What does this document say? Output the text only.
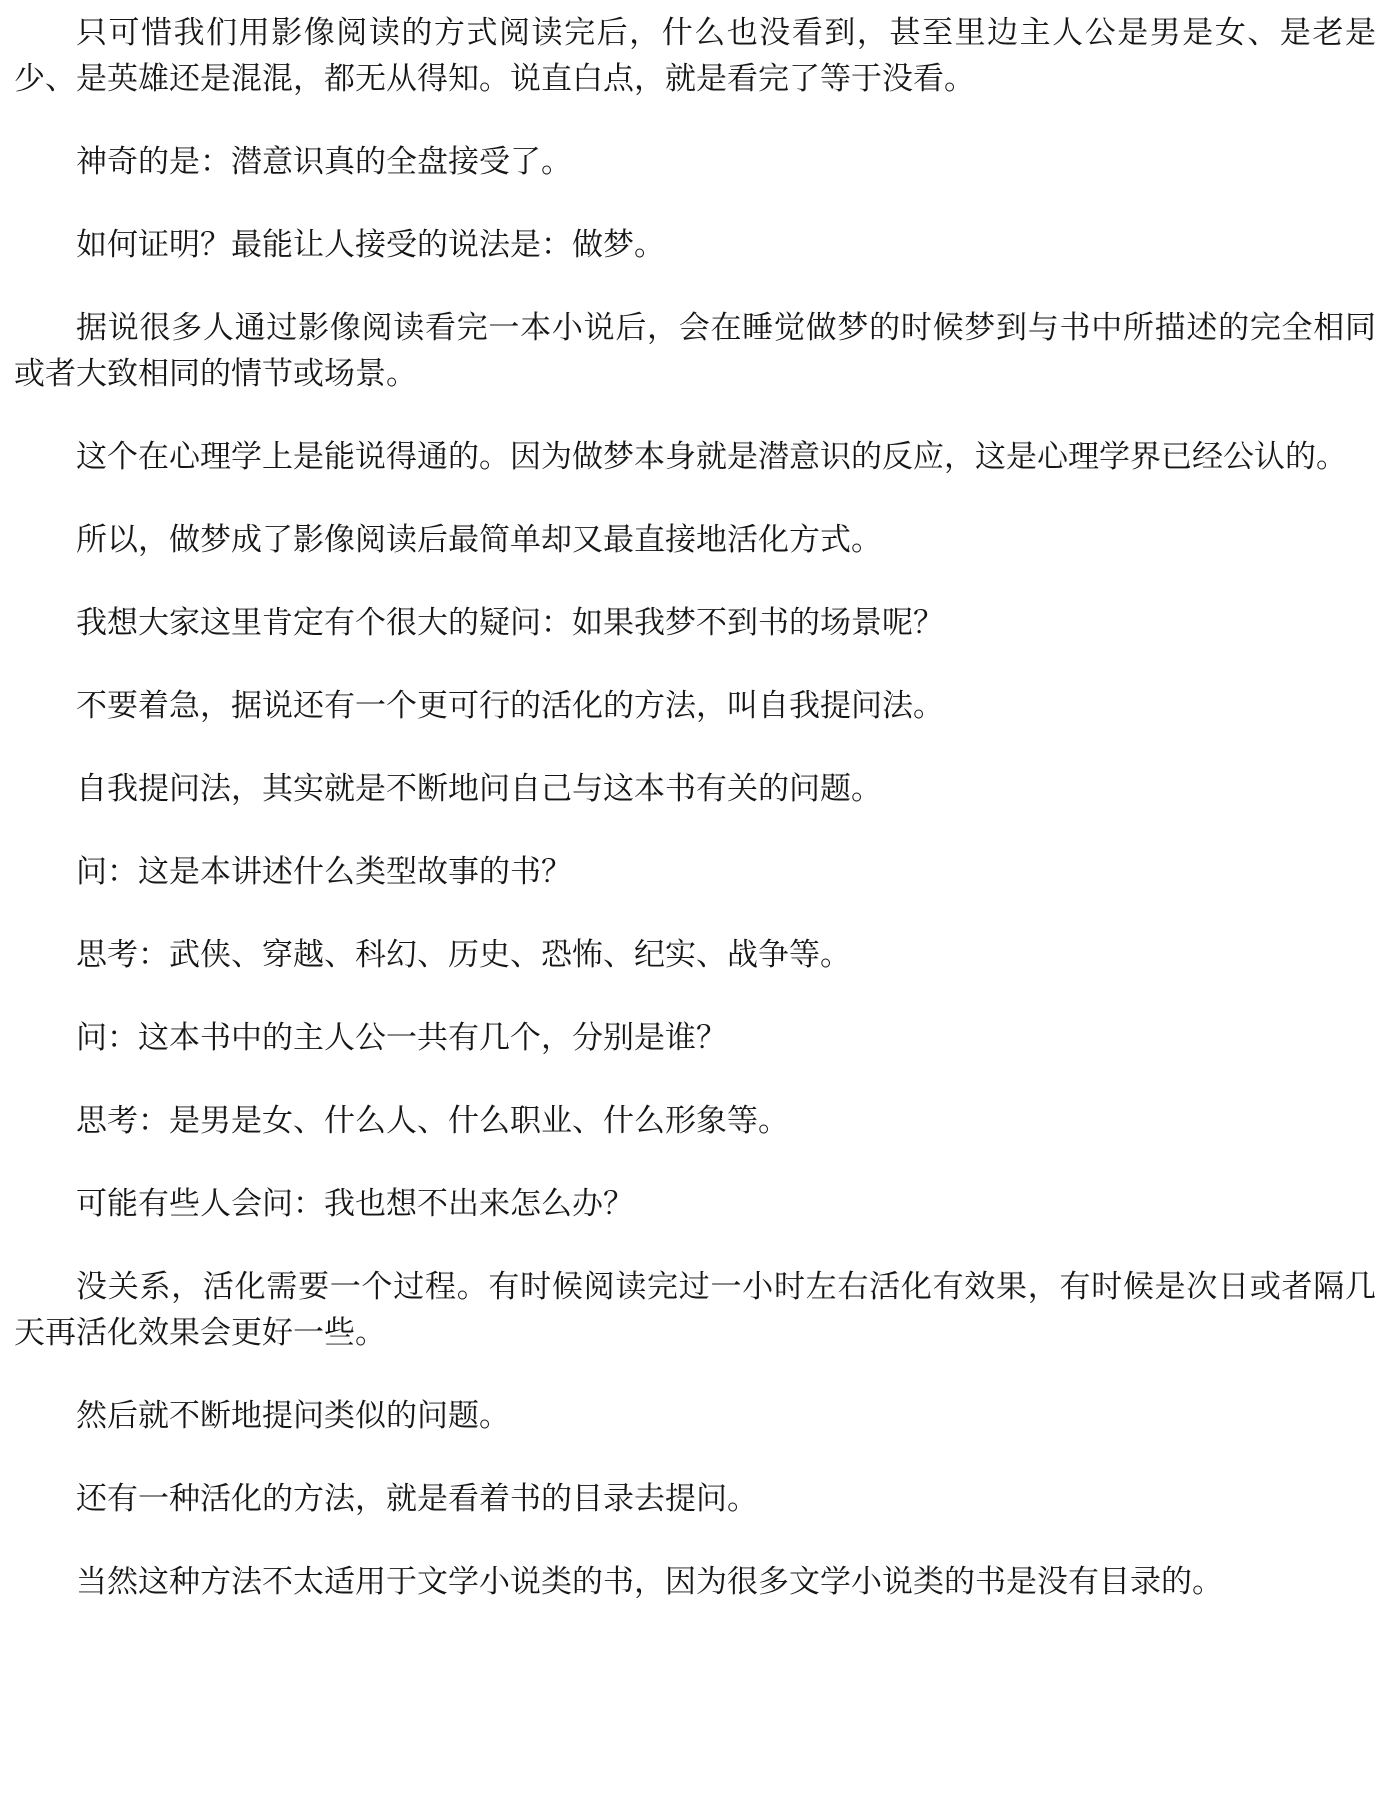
只可惜我们用影像阅读的方式阅读完后，什么也没看到，甚至里边主人公是男是女、是老是少、是英雄还是混混，都无从得知。说直白点，就是看完了等于没看。

神奇的是：潜意识真的全盘接受了。

如何证明？最能让人接受的说法是：做梦。

据说很多人通过影像阅读看完一本小说后，会在睡觉做梦的时候梦到与书中所描述的完全相同或者大致相同的情节或场景。

这个在心理学上是能说得通的。因为做梦本身就是潜意识的反应，这是心理学界已经公认的。

所以，做梦成了影像阅读后最简单却又最直接地活化方式。

我想大家这里肯定有个很大的疑问：如果我梦不到书的场景呢？

不要着急，据说还有一个更可行的活化的方法，叫自我提问法。

自我提问法，其实就是不断地问自己与这本书有关的问题。

问：这是本讲述什么类型故事的书？

思考：武侠、穿越、科幻、历史、恐怖、纪实、战争等。

问：这本书中的主人公一共有几个，分别是谁？

思考：是男是女、什么人、什么职业、什么形象等。

可能有些人会问：我也想不出来怎么办？

没关系，活化需要一个过程。有时候阅读完过一小时左右活化有效果，有时候是次日或者隔几天再活化效果会更好一些。

然后就不断地提问类似的问题。

还有一种活化的方法，就是看着书的目录去提问。

当然这种方法不太适用于文学小说类的书，因为很多文学小说类的书是没有目录的。
